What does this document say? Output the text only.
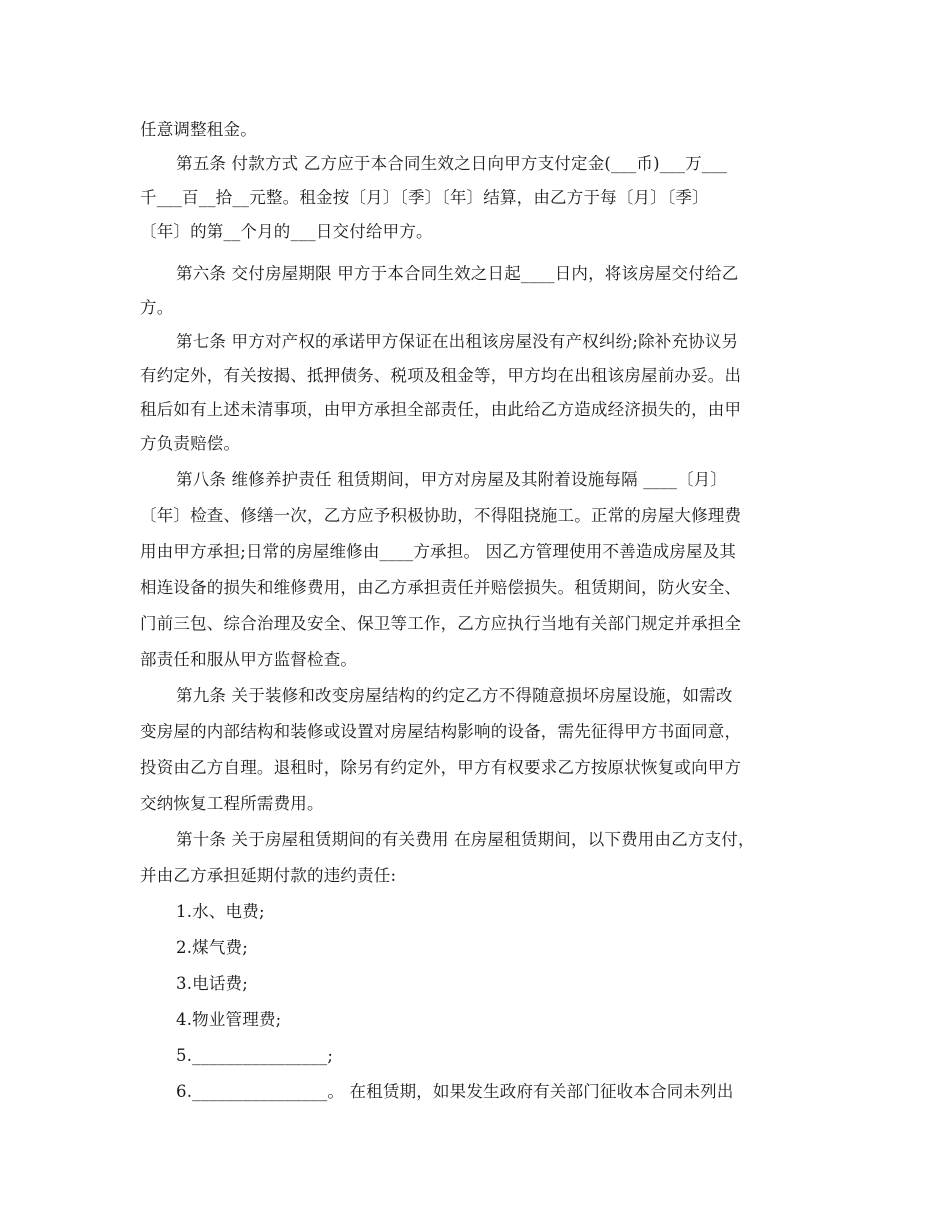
任意调整租金。
第五条 付款方式 乙方应于本合同生效之日向甲方支付定金(___币)___万___
千___百__拾__元整。租金按〔月〕〔季〕〔年〕结算，由乙方于每〔月〕〔季〕
〔年〕的第__个月的___日交付给甲方。
第六条 交付房屋期限 甲方于本合同生效之日起____日内，将该房屋交付给乙
方。
第七条 甲方对产权的承诺甲方保证在出租该房屋没有产权纠纷;除补充协议另
有约定外，有关按揭、抵押债务、税项及租金等，甲方均在出租该房屋前办妥。出
租后如有上述未清事项，由甲方承担全部责任，由此给乙方造成经济损失的，由甲
方负责赔偿。
第八条 维修养护责任 租赁期间，甲方对房屋及其附着设施每隔 ____〔月〕
〔年〕检查、修缮一次，乙方应予积极协助，不得阻挠施工。正常的房屋大修理费
用由甲方承担;日常的房屋维修由____方承担。 因乙方管理使用不善造成房屋及其
相连设备的损失和维修费用，由乙方承担责任并赔偿损失。租赁期间，防火安全、
门前三包、综合治理及安全、保卫等工作，乙方应执行当地有关部门规定并承担全
部责任和服从甲方监督检查。
第九条 关于装修和改变房屋结构的约定乙方不得随意损坏房屋设施，如需改
变房屋的内部结构和装修或设置对房屋结构影响的设备，需先征得甲方书面同意，
投资由乙方自理。退租时，除另有约定外，甲方有权要求乙方按原状恢复或向甲方
交纳恢复工程所需费用。
第十条 关于房屋租赁期间的有关费用 在房屋租赁期间，以下费用由乙方支付，
并由乙方承担延期付款的违约责任:
1.水、电费;
2.煤气费;
3.电话费;
4.物业管理费;
5.________________;
6.________________。 在租赁期，如果发生政府有关部门征收本合同未列出
